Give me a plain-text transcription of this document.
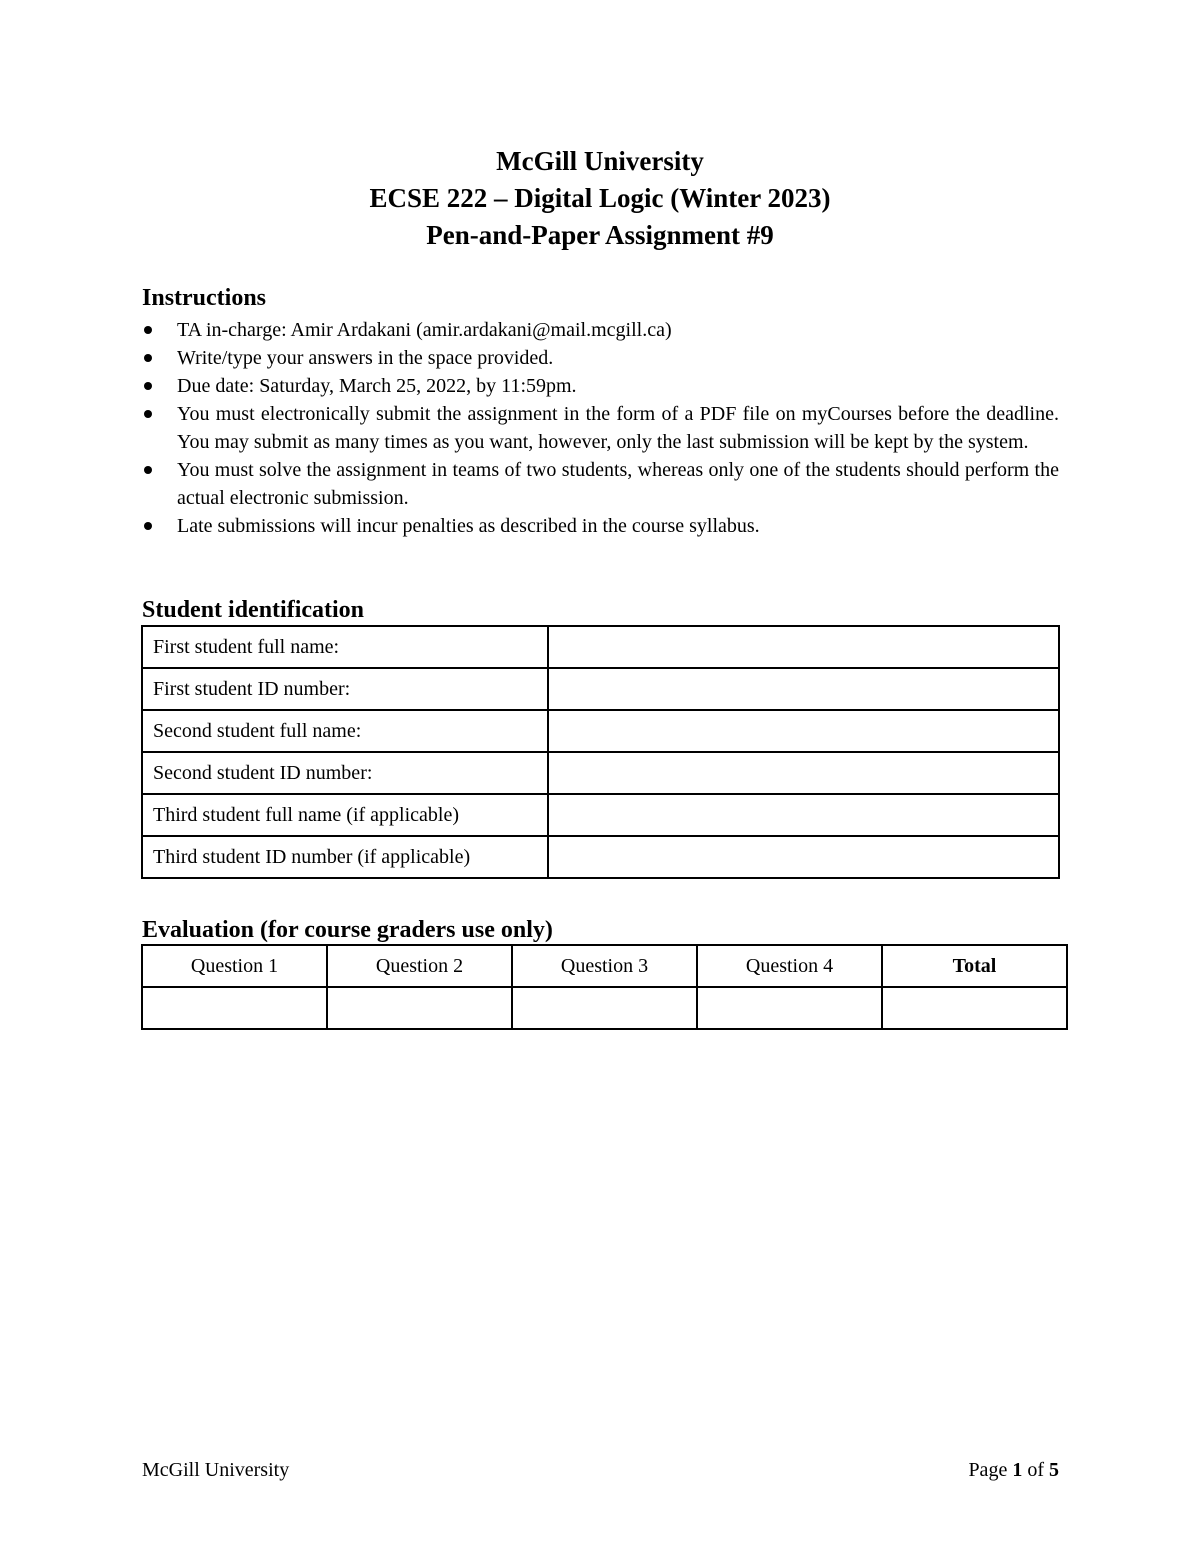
McGill University
ECSE 222 – Digital Logic (Winter 2023)
Pen-and-Paper Assignment #9
Instructions
TA in-charge: Amir Ardakani (amir.ardakani@mail.mcgill.ca)
Write/type your answers in the space provided.
Due date: Saturday, March 25, 2022, by 11:59pm.
You must electronically submit the assignment in the form of a PDF file on myCourses before the deadline. You may submit as many times as you want, however, only the last submission will be kept by the system.
You must solve the assignment in teams of two students, whereas only one of the students should perform the actual electronic submission.
Late submissions will incur penalties as described in the course syllabus.
Student identification
First student full name:	
First student ID number:	
Second student full name:	
Second student ID number:	
Third student full name (if applicable)	
Third student ID number (if applicable)	
Evaluation (for course graders use only)
Question 1	Question 2	Question 3	Question 4	Total

McGill University	Page 1 of 5
